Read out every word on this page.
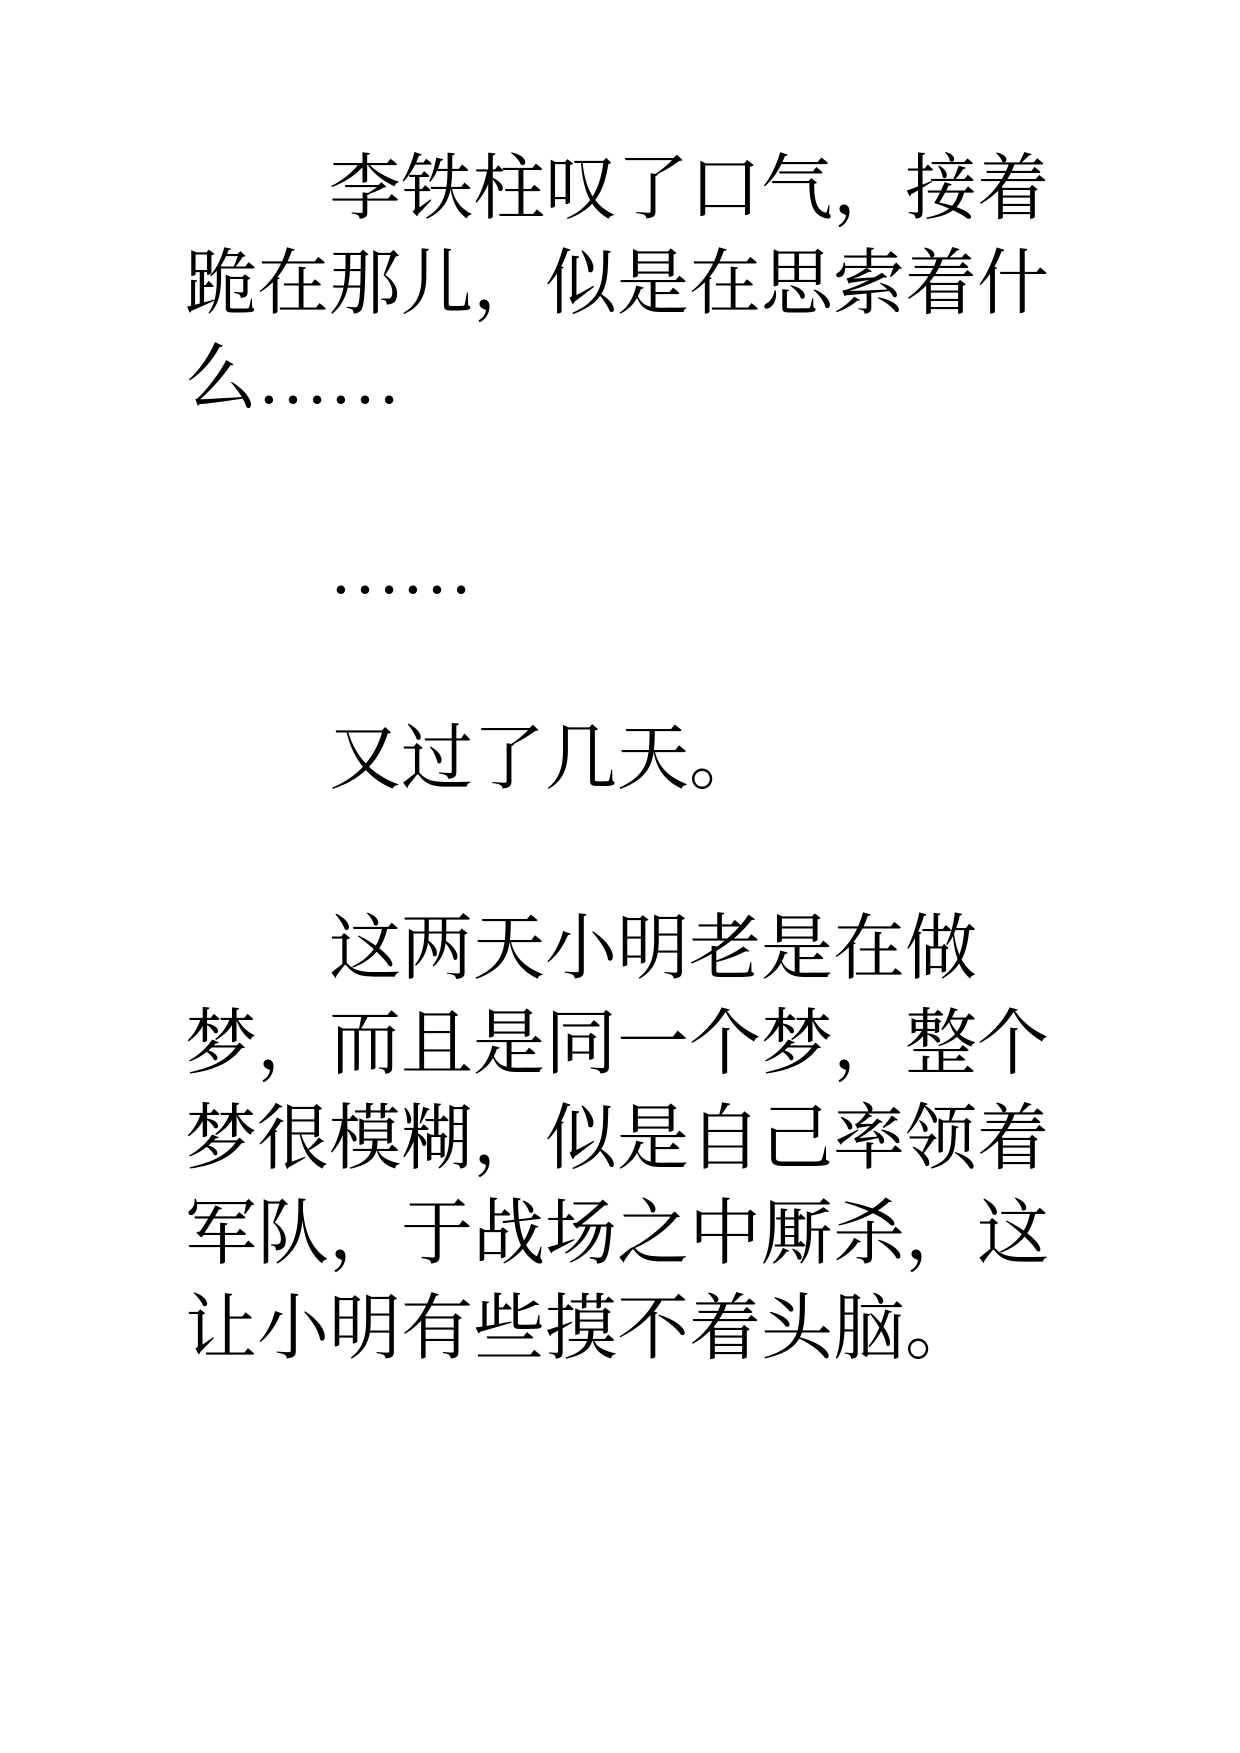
李铁柱叹了口气，接着跪在那儿，似是在思索着什么……

……

又过了几天。

这两天小明老是在做梦，而且是同一个梦，整个梦很模糊，似是自己率领着军队，于战场之中厮杀，这让小明有些摸不着头脑。
